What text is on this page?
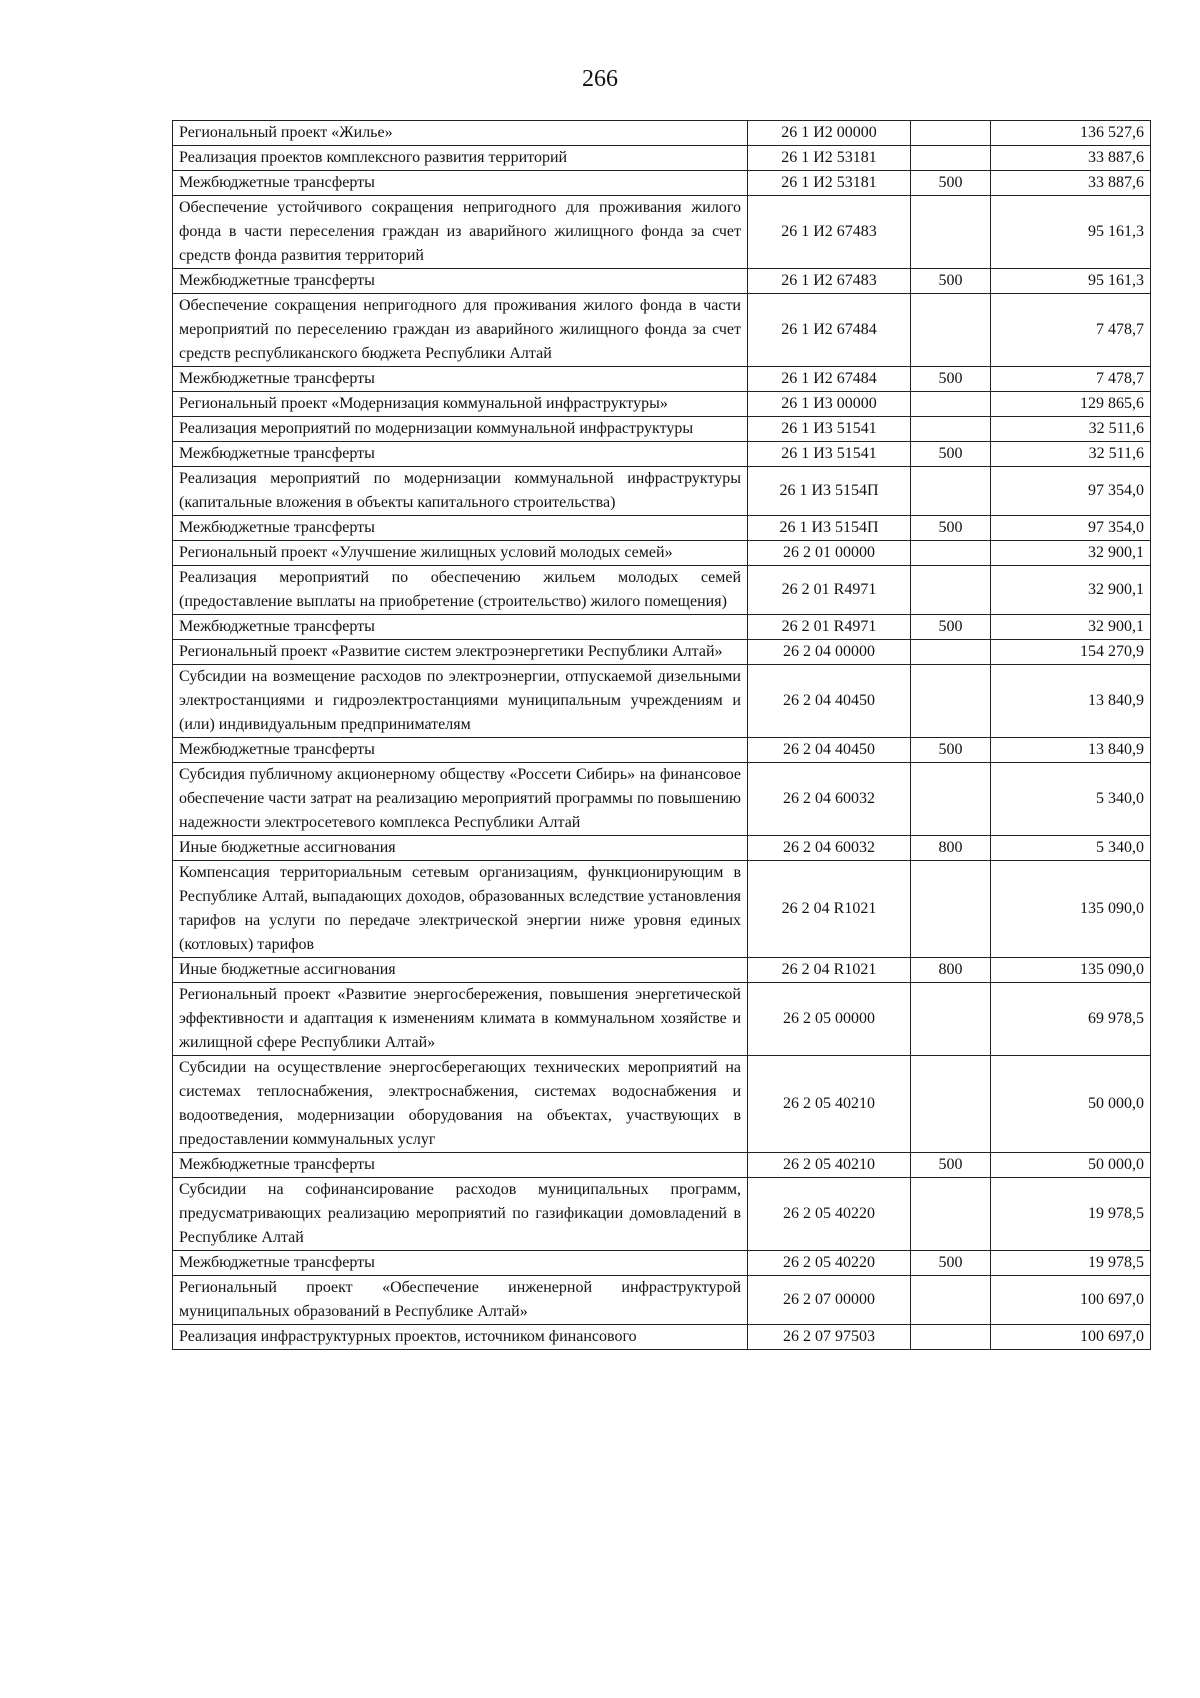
266
Региональный проект «Жилье»	26 1 И2 00000		136 527,6
Реализация проектов комплексного развития территорий	26 1 И2 53181		33 887,6
Межбюджетные трансферты	26 1 И2 53181	500	33 887,6
Обеспечение устойчивого сокращения непригодного для проживания жилого фонда в части переселения граждан из аварийного жилищного фонда за счет средств фонда развития территорий	26 1 И2 67483		95 161,3
Межбюджетные трансферты	26 1 И2 67483	500	95 161,3
Обеспечение сокращения непригодного для проживания жилого фонда в части мероприятий по переселению граждан из аварийного жилищного фонда за счет средств республиканского бюджета Республики Алтай	26 1 И2 67484		7 478,7
Межбюджетные трансферты	26 1 И2 67484	500	7 478,7
Региональный проект «Модернизация коммунальной инфраструктуры»	26 1 И3 00000		129 865,6
Реализация мероприятий по модернизации коммунальной инфраструктуры	26 1 И3 51541		32 511,6
Межбюджетные трансферты	26 1 И3 51541	500	32 511,6
Реализация мероприятий по модернизации коммунальной инфраструктуры (капитальные вложения в объекты капитального строительства)	26 1 И3 5154П		97 354,0
Межбюджетные трансферты	26 1 И3 5154П	500	97 354,0
Региональный проект «Улучшение жилищных условий молодых семей»	26 2 01 00000		32 900,1
Реализация мероприятий по обеспечению жильем молодых семей (предоставление выплаты на приобретение (строительство) жилого помещения)	26 2 01 R4971		32 900,1
Межбюджетные трансферты	26 2 01 R4971	500	32 900,1
Региональный проект «Развитие систем электроэнергетики Республики Алтай»	26 2 04 00000		154 270,9
Субсидии на возмещение расходов по электроэнергии, отпускаемой дизельными электростанциями и гидроэлектростанциями муниципальным учреждениям и (или) индивидуальным предпринимателям	26 2 04 40450		13 840,9
Межбюджетные трансферты	26 2 04 40450	500	13 840,9
Субсидия публичному акционерному обществу «Россети Сибирь» на финансовое обеспечение части затрат на реализацию мероприятий программы по повышению надежности электросетевого комплекса Республики Алтай	26 2 04 60032		5 340,0
Иные бюджетные ассигнования	26 2 04 60032	800	5 340,0
Компенсация территориальным сетевым организациям, функционирующим в Республике Алтай, выпадающих доходов, образованных вследствие установления тарифов на услуги по передаче электрической энергии ниже уровня единых (котловых) тарифов	26 2 04 R1021		135 090,0
Иные бюджетные ассигнования	26 2 04 R1021	800	135 090,0
Региональный проект «Развитие энергосбережения, повышения энергетической эффективности и адаптация к изменениям климата в коммунальном хозяйстве и жилищной сфере Республики Алтай»	26 2 05 00000		69 978,5
Субсидии на осуществление энергосберегающих технических мероприятий на системах теплоснабжения, электроснабжения, системах водоснабжения и водоотведения, модернизации оборудования на объектах, участвующих в предоставлении коммунальных услуг	26 2 05 40210		50 000,0
Межбюджетные трансферты	26 2 05 40210	500	50 000,0
Субсидии на софинансирование расходов муниципальных программ, предусматривающих реализацию мероприятий по газификации домовладений в Республике Алтай	26 2 05 40220		19 978,5
Межбюджетные трансферты	26 2 05 40220	500	19 978,5
Региональный проект «Обеспечение инженерной инфраструктурой муниципальных образований в Республике Алтай»	26 2 07 00000		100 697,0
Реализация инфраструктурных проектов, источником финансового	26 2 07 97503		100 697,0
